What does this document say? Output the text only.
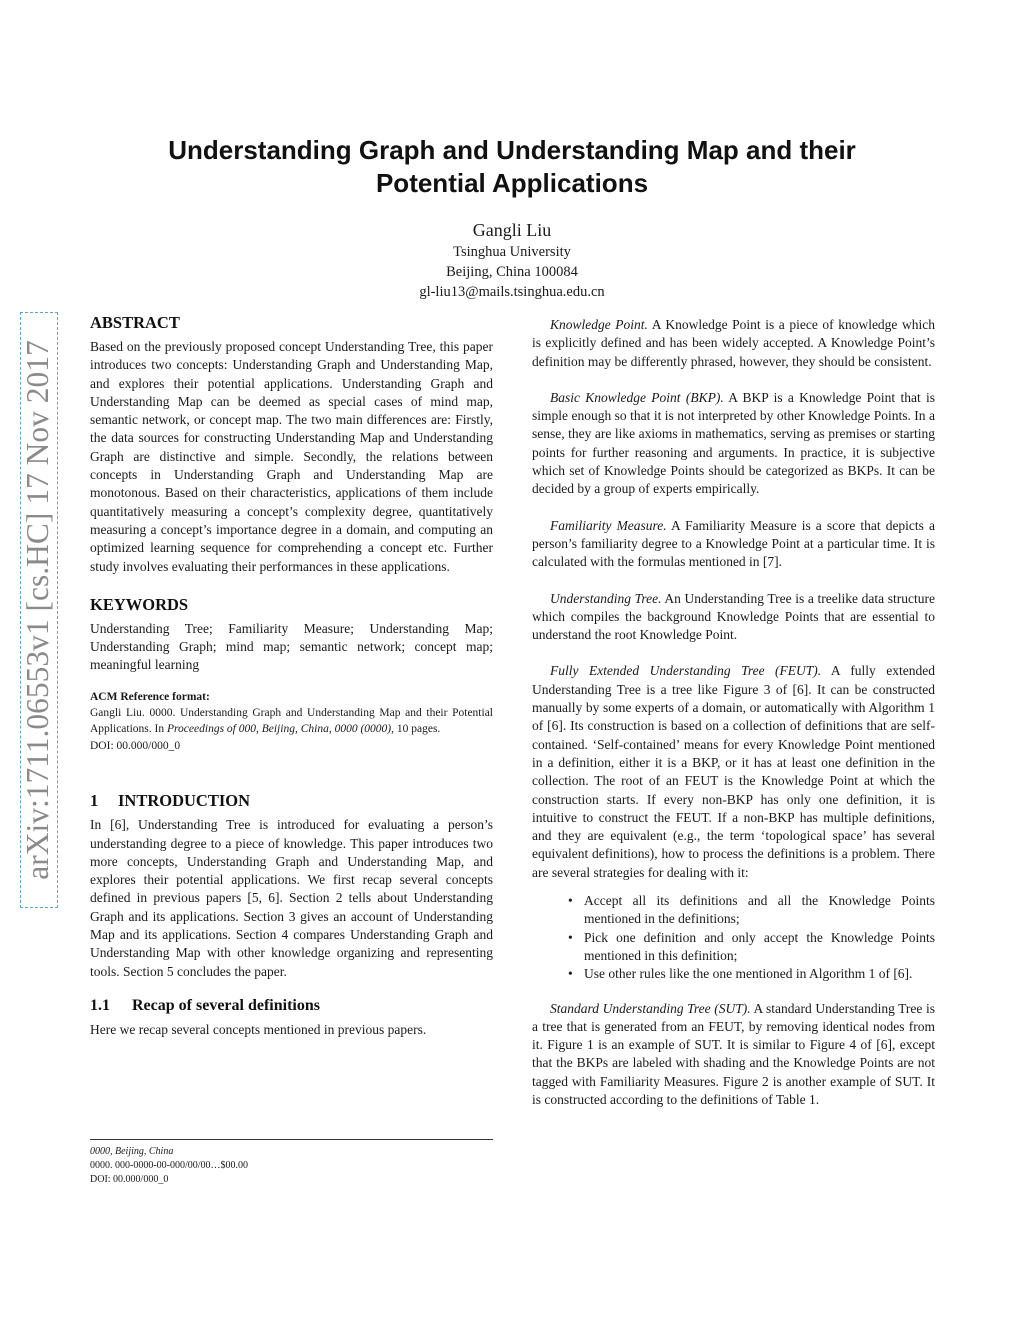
Understanding Graph and Understanding Map and their
Potential Applications
Gangli Liu
Tsinghua University
Beijing, China 100084
gl-liu13@mails.tsinghua.edu.cn
arXiv:1711.06553v1 [cs.HC] 17 Nov 2017
ABSTRACT

Based on the previously proposed concept Understanding Tree, this paper introduces two concepts: Understanding Graph and Understanding Map, and explores their potential applications. Understanding Graph and Understanding Map can be deemed as special cases of mind map, semantic network, or concept map. The two main differences are: Firstly, the data sources for constructing Understanding Map and Understanding Graph are distinctive and simple. Secondly, the relations between concepts in Understanding Graph and Understanding Map are monotonous. Based on their characteristics, applications of them include quantitatively measuring a concept’s complexity degree, quantitatively measuring a concept’s importance degree in a domain, and computing an optimized learning sequence for comprehending a concept etc. Further study involves evaluating their performances in these applications.

KEYWORDS

Understanding Tree; Familiarity Measure; Understanding Map; Understanding Graph; mind map; semantic network; concept map; meaningful learning

ACM Reference format:

Gangli Liu. 0000. Understanding Graph and Understanding Map and their Potential Applications. In Proceedings of 000, Beijing, China, 0000 (0000), 10 pages.

DOI: 00.000/000_0

1 INTRODUCTION

In [6], Understanding Tree is introduced for evaluating a person’s understanding degree to a piece of knowledge. This paper introduces two more concepts, Understanding Graph and Understanding Map, and explores their potential applications. We first recap several concepts defined in previous papers [5, 6]. Section 2 tells about Understanding Graph and its applications. Section 3 gives an account of Understanding Map and its applications. Section 4 compares Understanding Graph and Understanding Map with other knowledge organizing and representing tools. Section 5 concludes the paper.

1.1 Recap of several definitions

Here we recap several concepts mentioned in previous papers.

0000, Beijing, China

0000. 000-0000-00-000/00/00…$00.00

DOI: 00.000/000_0

Knowledge Point. A Knowledge Point is a piece of knowledge which is explicitly defined and has been widely accepted. A Knowledge Point’s definition may be differently phrased, however, they should be consistent.

Basic Knowledge Point (BKP). A BKP is a Knowledge Point that is simple enough so that it is not interpreted by other Knowledge Points. In a sense, they are like axioms in mathematics, serving as premises or starting points for further reasoning and arguments. In practice, it is subjective which set of Knowledge Points should be categorized as BKPs. It can be decided by a group of experts empirically.

Familiarity Measure. A Familiarity Measure is a score that depicts a person’s familiarity degree to a Knowledge Point at a particular time. It is calculated with the formulas mentioned in [7].

Understanding Tree. An Understanding Tree is a treelike data structure which compiles the background Knowledge Points that are essential to understand the root Knowledge Point.

Fully Extended Understanding Tree (FEUT). A fully extended Understanding Tree is a tree like Figure 3 of [6]. It can be constructed manually by some experts of a domain, or automatically with Algorithm 1 of [6]. Its construction is based on a collection of definitions that are self-contained. ‘Self-contained’ means for every Knowledge Point mentioned in a definition, either it is a BKP, or it has at least one definition in the collection. The root of an FEUT is the Knowledge Point at which the construction starts. If every non-BKP has only one definition, it is intuitive to construct the FEUT. If a non-BKP has multiple definitions, and they are equivalent (e.g., the term ‘topological space’ has several equivalent definitions), how to process the definitions is a problem. There are several strategies for dealing with it:

• Accept all its definitions and all the Knowledge Points mentioned in the definitions;
• Pick one definition and only accept the Knowledge Points mentioned in this definition;
• Use other rules like the one mentioned in Algorithm 1 of [6].

Standard Understanding Tree (SUT). A standard Understanding Tree is a tree that is generated from an FEUT, by removing identical nodes from it. Figure 1 is an example of SUT. It is similar to Figure 4 of [6], except that the BKPs are labeled with shading and the Knowledge Points are not tagged with Familiarity Measures. Figure 2 is another example of SUT. It is constructed according to the definitions of Table 1.
